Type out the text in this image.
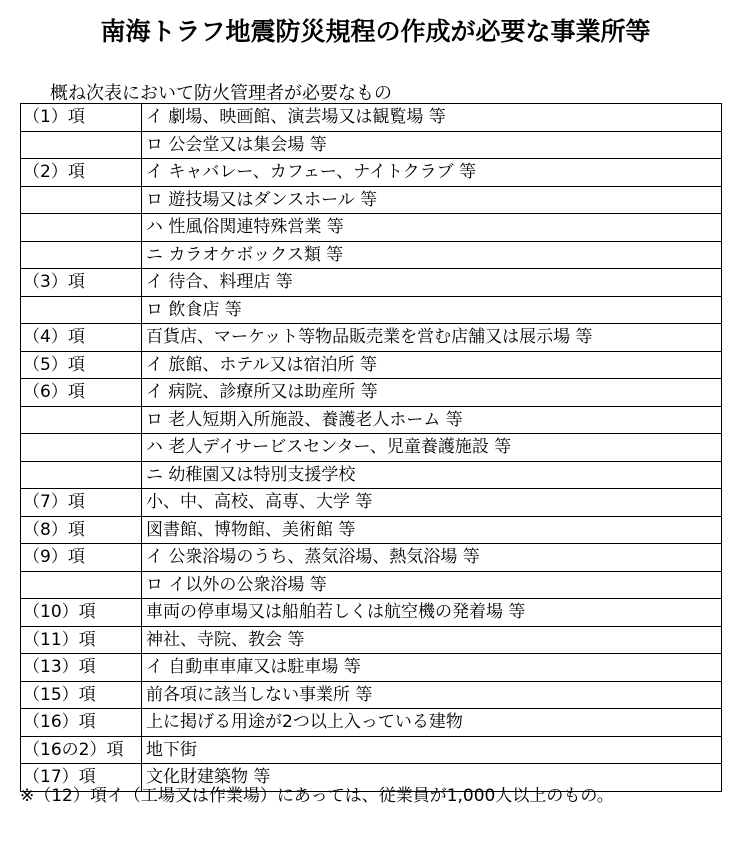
南海トラフ地震防災規程の作成が必要な事業所等
概ね次表において防火管理者が必要なもの
（1）項	イ 劇場、映画館、演芸場又は観覧場 等
	ロ 公会堂又は集会場 等
（2）項	イ キャバレー、カフェー、ナイトクラブ 等
	ロ 遊技場又はダンスホール 等
	ハ 性風俗関連特殊営業 等
	ニ カラオケボックス類 等
（3）項	イ 待合、料理店 等
	ロ 飲食店 等
（4）項	百貨店、マーケット等物品販売業を営む店舗又は展示場 等
（5）項	イ 旅館、ホテル又は宿泊所 等
（6）項	イ 病院、診療所又は助産所 等
	ロ 老人短期入所施設、養護老人ホーム 等
	ハ 老人デイサービスセンター、児童養護施設 等
	ニ 幼稚園又は特別支援学校
（7）項	小、中、高校、高専、大学 等
（8）項	図書館、博物館、美術館 等
（9）項	イ 公衆浴場のうち、蒸気浴場、熱気浴場 等
	ロ イ以外の公衆浴場 等
（10）項	車両の停車場又は船舶若しくは航空機の発着場 等
（11）項	神社、寺院、教会 等
（13）項	イ 自動車車庫又は駐車場 等
（15）項	前各項に該当しない事業所 等
（16）項	上に掲げる用途が2つ以上入っている建物
（16の2）項	地下街
（17）項	文化財建築物 等
※（12）項イ（工場又は作業場）にあっては、従業員が1,000人以上のもの。
